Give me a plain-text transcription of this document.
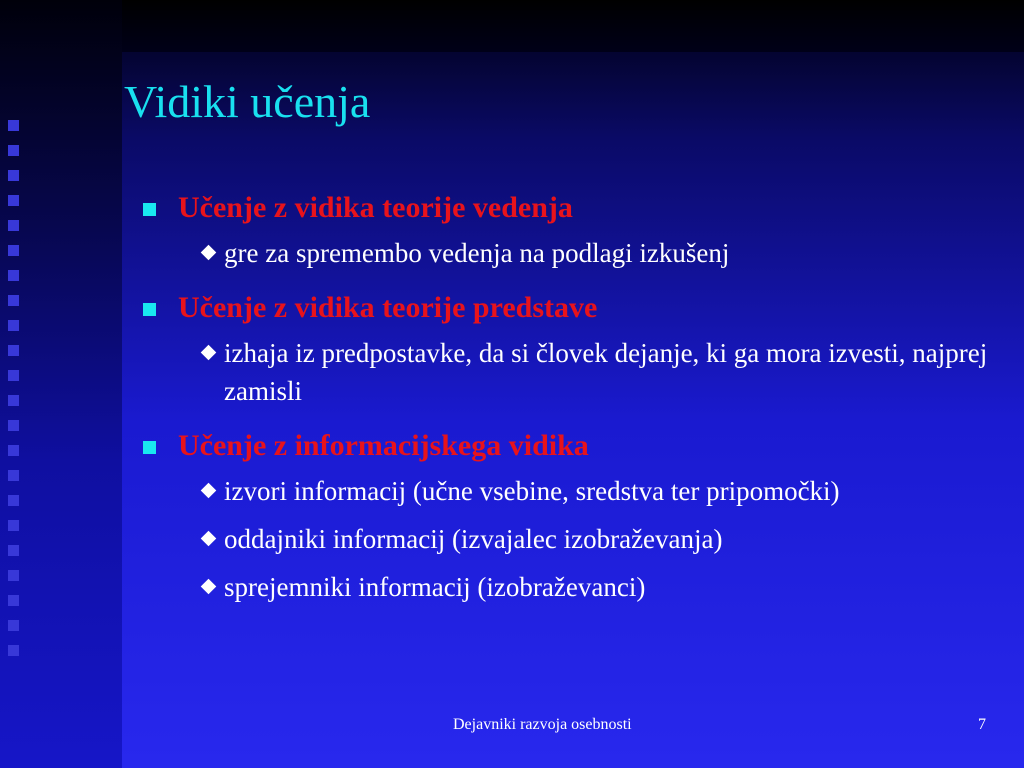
Vidiki učenja
Učenje z vidika teorije vedenja
gre za spremembo vedenja na podlagi izkušenj
Učenje z vidika teorije predstave
izhaja iz predpostavke, da si človek dejanje, ki ga mora izvesti, najprej zamisli
Učenje z informacijskega vidika
izvori informacij (učne vsebine, sredstva ter pripomočki)
oddajniki informacij (izvajalec izobraževanja)
sprejemniki informacij (izobraževanci)
Dejavniki razvoja osebnosti	7
